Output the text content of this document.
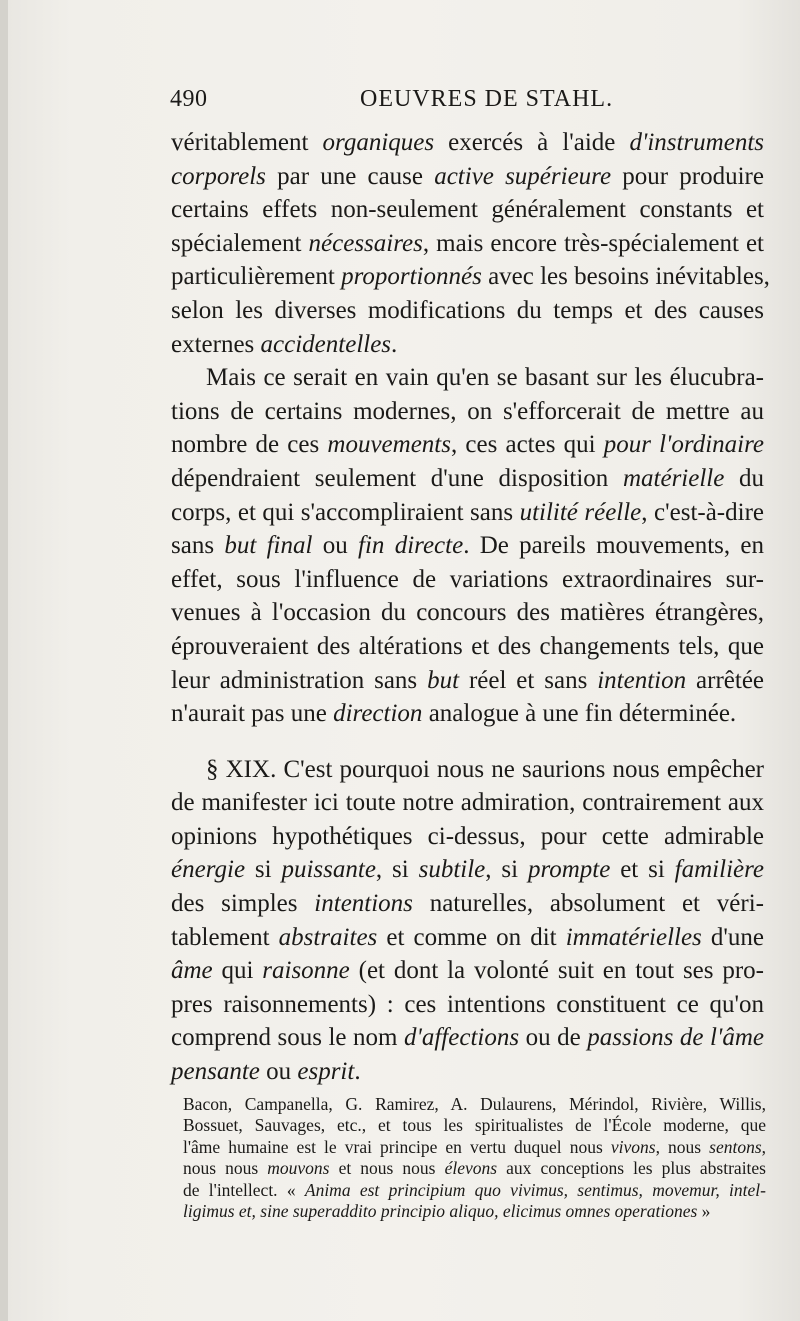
490	OEUVRES DE STAHL.
véritablement organiques exercés à l'aide d'instruments
corporels par une cause active supérieure pour produire
certains effets non-seulement généralement constants et
spécialement nécessaires, mais encore très-spécialement et
particulièrement proportionnés avec les besoins inévitables,
selon les diverses modifications du temps et des causes
externes accidentelles.
Mais ce serait en vain qu'en se basant sur les élucubra-
tions de certains modernes, on s'efforcerait de mettre au
nombre de ces mouvements, ces actes qui pour l'ordinaire
dépendraient seulement d'une disposition matérielle du
corps, et qui s'accompliraient sans utilité réelle, c'est-à-dire
sans but final ou fin directe. De pareils mouvements, en
effet, sous l'influence de variations extraordinaires sur-
venues à l'occasion du concours des matières étrangères,
éprouveraient des altérations et des changements tels, que
leur administration sans but réel et sans intention arrêtée
n'aurait pas une direction analogue à une fin déterminée.
§ XIX. C'est pourquoi nous ne saurions nous empêcher
de manifester ici toute notre admiration, contrairement aux
opinions hypothétiques ci-dessus, pour cette admirable
énergie si puissante, si subtile, si prompte et si familière
des simples intentions naturelles, absolument et véri-
tablement abstraites et comme on dit immatérielles d'une
âme qui raisonne (et dont la volonté suit en tout ses pro-
pres raisonnements) : ces intentions constituent ce qu'on
comprend sous le nom d'affections ou de passions de l'âme
pensante ou esprit.
Bacon, Campanella, G. Ramirez, A. Dulaurens, Mérindol, Rivière, Willis,
Bossuet, Sauvages, etc., et tous les spiritualistes de l'École moderne, que
l'âme humaine est le vrai principe en vertu duquel nous vivons, nous sentons,
nous nous mouvons et nous nous élevons aux conceptions les plus abstraites
de l'intellect. « Anima est principium quo vivimus, sentimus, movemur, intel-
ligimus et, sine superaddito principio aliquo, elicimus omnes operationes »
